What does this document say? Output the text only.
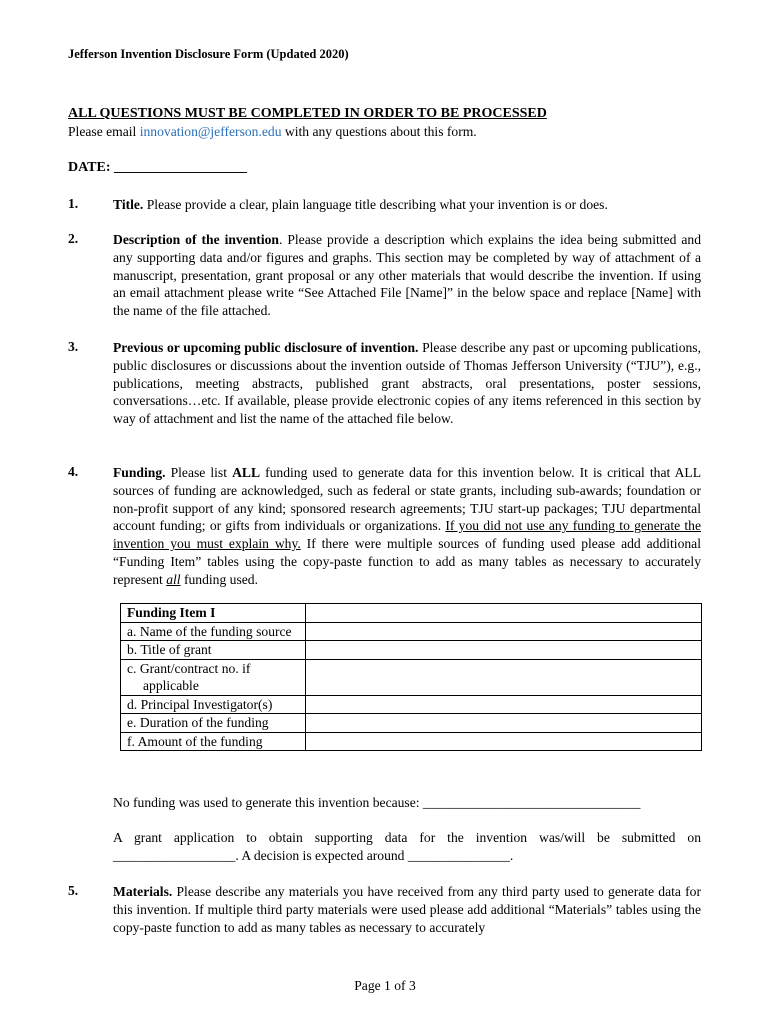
Jefferson Invention Disclosure Form (Updated 2020)
ALL QUESTIONS MUST BE COMPLETED IN ORDER TO BE PROCESSED
Please email innovation@jefferson.edu with any questions about this form.
DATE: ___________________
1.	Title. Please provide a clear, plain language title describing what your invention is or does.
2.	Description of the invention. Please provide a description which explains the idea being submitted and any supporting data and/or figures and graphs. This section may be completed by way of attachment of a manuscript, presentation, grant proposal or any other materials that would describe the invention. If using an email attachment please write “See Attached File [Name]” in the below space and replace [Name] with the name of the file attached.
3.	Previous or upcoming public disclosure of invention. Please describe any past or upcoming publications, public disclosures or discussions about the invention outside of Thomas Jefferson University (“TJU”), e.g., publications, meeting abstracts, published grant abstracts, oral presentations, poster sessions, conversations…etc. If available, please provide electronic copies of any items referenced in this section by way of attachment and list the name of the attached file below.
4.	Funding. Please list ALL funding used to generate data for this invention below. It is critical that ALL sources of funding are acknowledged, such as federal or state grants, including sub-awards; foundation or non-profit support of any kind; sponsored research agreements; TJU start-up packages; TJU departmental account funding; or gifts from individuals or organizations. If you did not use any funding to generate the invention you must explain why. If there were multiple sources of funding used please add additional “Funding Item” tables using the copy-paste function to add as many tables as necessary to accurately represent all funding used.
Funding Item I	
a. Name of the funding source	
b. Title of grant	
c. Grant/contract no. if
applicable	

d. Principal Investigator(s)	
e. Duration of the funding	
f. Amount of the funding	
No funding was used to generate this invention because: ________________________________
A grant application to obtain supporting data for the invention was/will be submitted on __________________. A decision is expected around _______________.
5.	Materials. Please describe any materials you have received from any third party used to generate data for this invention. If multiple third party materials were used please add additional “Materials” tables using the copy-paste function to add as many tables as necessary to accurately
Page 1 of 3
